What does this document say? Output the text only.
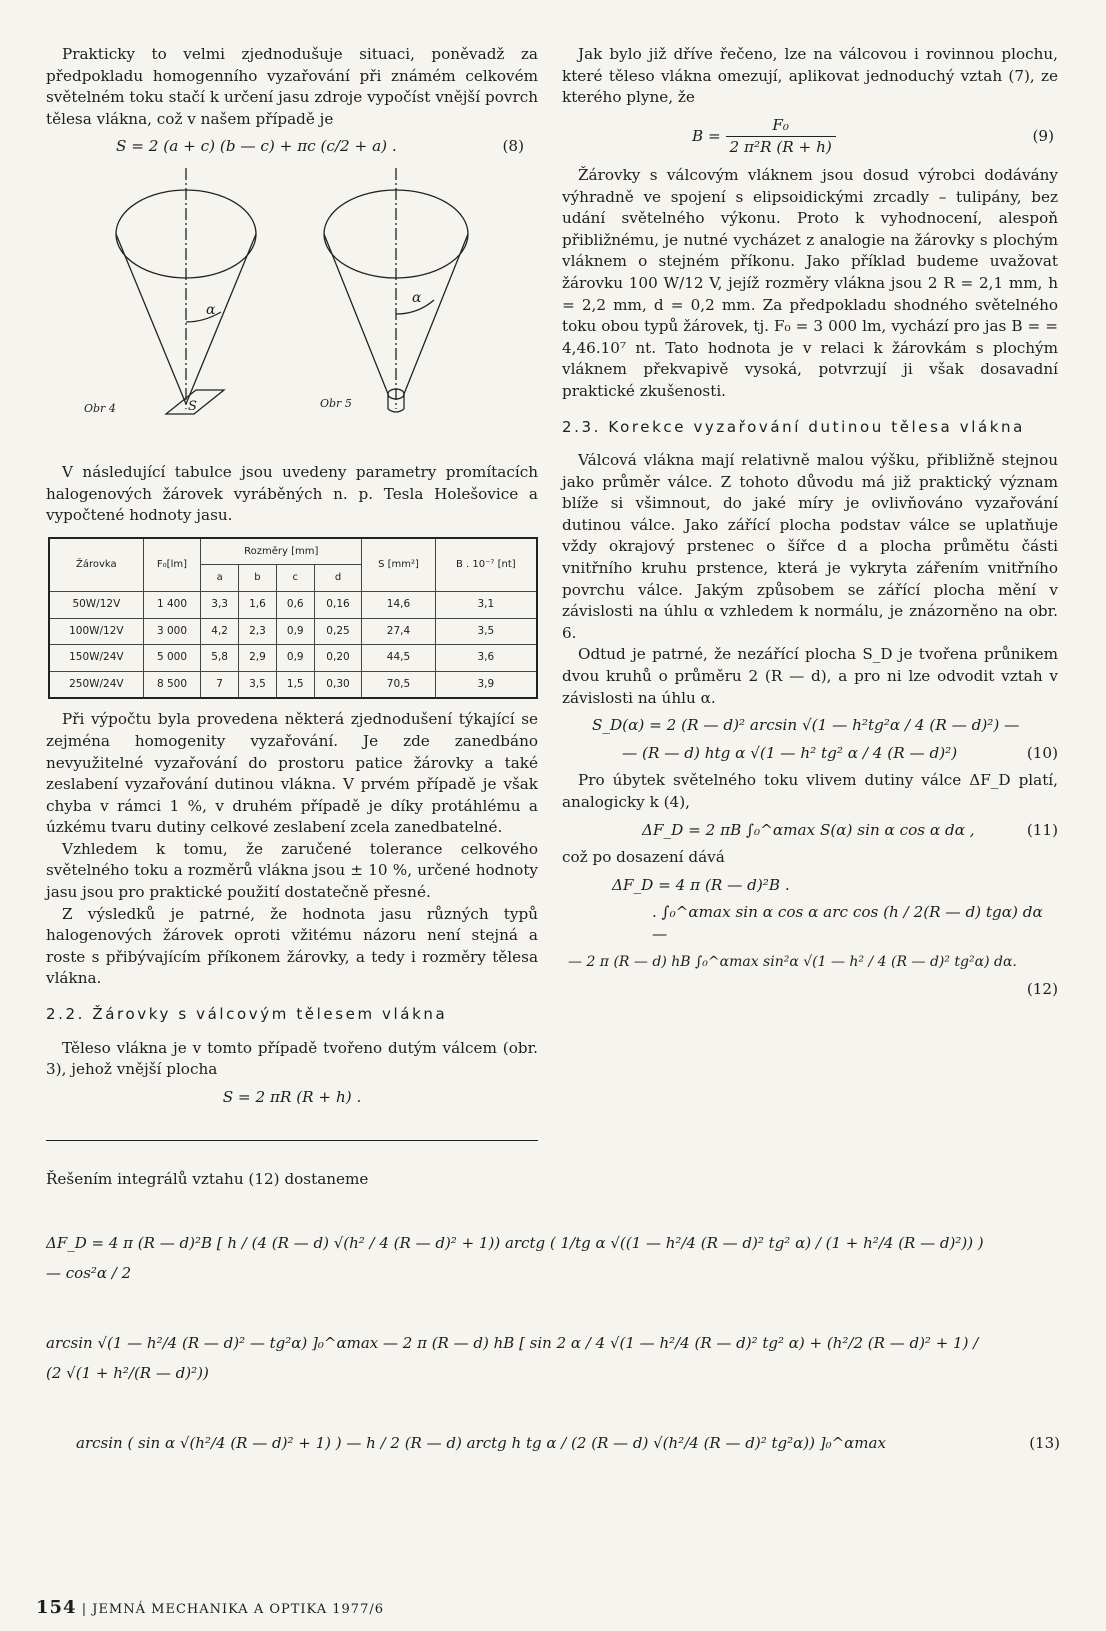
Prakticky to velmi zjednodušuje situaci, poněvadž za předpokladu homogenního vyzařování při známém celkovém světelném toku stačí k určení jasu zdroje vypočíst vnější povrch tělesa vlákna, což v našem případě je

S = 2 (a + c) (b — c) + πc (c/2 + a) .	(8)
α
S
Obr 4
α
Obr 5

V následující tabulce jsou uvedeny parametry promítacích halogenových žárovek vyráběných n. p. Tesla Holešovice a vypočtené hodnoty jasu.

Žárovka	F₀[lm]	Rozměry [mm]				S [mm²]	B . 10⁻⁷ [nt]
		a	b	c	d		
50W/12V	1 400	3,3	1,6	0,6	0,16	14,6	3,1
100W/12V	3 000	4,2	2,3	0,9	0,25	27,4	3,5
150W/24V	5 000	5,8	2,9	0,9	0,20	44,5	3,6
250W/24V	8 500	7	3,5	1,5	0,30	70,5	3,9

Při výpočtu byla provedena některá zjednodušení týkající se zejména homogenity vyzařování. Je zde zanedbáno nevyužitelné vyzařování do prostoru patice žárovky a také zeslabení vyzařování dutinou vlákna. V prvém případě je však chyba v rámci 1 %, v druhém případě je díky protáhlému a úzkému tvaru dutiny celkové zeslabení zcela zanedbatelné.

Vzhledem k tomu, že zaručené tolerance celkového světelného toku a rozměrů vlákna jsou ± 10 %, určené hodnoty jasu jsou pro praktické použití dostatečně přesné.

Z výsledků je patrné, že hodnota jasu různých typů halogenových žárovek oproti vžitému názoru není stejná a roste s přibývajícím příkonem žárovky, a tedy i rozměry tělesa vlákna.

2.2. Žárovky s válcovým tělesem vlákna

Těleso vlákna je v tomto případě tvořeno dutým válcem (obr. 3), jehož vnější plocha

S = 2 πR (R + h) .

Jak bylo již dříve řečeno, lze na válcovou i rovinnou plochu, které těleso vlákna omezují, aplikovat jednoduchý vztah (7), ze kterého plyne, že

$B = \frac{\text{F₀}}{\text{2 π²R (R + h)}}$	(9)

Žárovky s válcovým vláknem jsou dosud výrobci dodávány výhradně ve spojení s elipsoidickými zrcadly – tulipány, bez udání světelného výkonu. Proto k vyhodnocení, alespoň přibližnému, je nutné vycházet z analogie na žárovky s plochým vláknem o stejném příkonu. Jako příklad budeme uvažovat žárovku 100 W/12 V, jejíž rozměry vlákna jsou 2 R = 2,1 mm, h = 2,2 mm, d = 0,2 mm. Za předpokladu shodného světelného toku obou typů žárovek, tj. F₀ = 3 000 lm, vychází pro jas B = = 4,46.10⁷ nt. Tato hodnota je v relaci k žárovkám s plochým vláknem překvapivě vysoká, potvrzují ji však dosavadní praktické zkušenosti.

2.3. Korekce vyzařování dutinou tělesa vlákna

Válcová vlákna mají relativně malou výšku, přibližně stejnou jako průměr válce. Z tohoto důvodu má již praktický význam blíže si všimnout, do jaké míry je ovlivňováno vyzařování dutinou válce. Jako zářící plocha podstav válce se uplatňuje vždy okrajový prstenec o šířce d a plocha průmětu části vnitřního kruhu prstence, která je vykryta zářením vnitřního povrchu válce. Jakým způsobem se zářící plocha mění v závislosti na úhlu α vzhledem k normálu, je znázorněno na obr. 6.

Odtud je patrné, že nezářící plocha S_D je tvořena průnikem dvou kruhů o průměru 2 (R — d), a pro ni lze odvodit vztah v závislosti na úhlu α.

S_D(α) = 2 (R — d)² arcsin √(1 — h²tg²α / 4 (R — d)²) —
— (R — d) htg α √(1 — h² tg² α / 4 (R — d)²)	(10)

Pro úbytek světelného toku vlivem dutiny válce ΔF_D platí, analogicky k (4),

ΔF_D = 2 πB ∫₀^αmax S(α) sin α cos α dα ,	(11)

což po dosazení dává

ΔF_D = 4 π (R — d)²B .
. ∫₀^αmax sin α cos α arc cos (h / 2(R — d) tgα) dα —
— 2 π (R — d) hB ∫₀^αmax sin²α √(1 — h² / 4 (R — d)² tg²α) dα.
(12)
Řešením integrálů vztahu (12) dostaneme
ΔF_D = 4 π (R — d)²B [ h / (4 (R — d) √(h² / 4 (R — d)² + 1)) arctg ( 1/tg α √((1 — h²/4 (R — d)² tg² α) / (1 + h²/4 (R — d)²)) ) — cos²α / 2
arcsin √(1 — h²/4 (R — d)² — tg²α) ]₀^αmax — 2 π (R — d) hB [ sin 2 α / 4 √(1 — h²/4 (R — d)² tg² α) + (h²/2 (R — d)² + 1) / (2 √(1 + h²/(R — d)²))
arcsin ( sin α √(h²/4 (R — d)² + 1) ) — h / 2 (R — d) arctg h tg α / (2 (R — d) √(h²/4 (R — d)² tg²α)) ]₀^αmax	(13)
154 | JEMNÁ MECHANIKA A OPTIKA 1977/6
